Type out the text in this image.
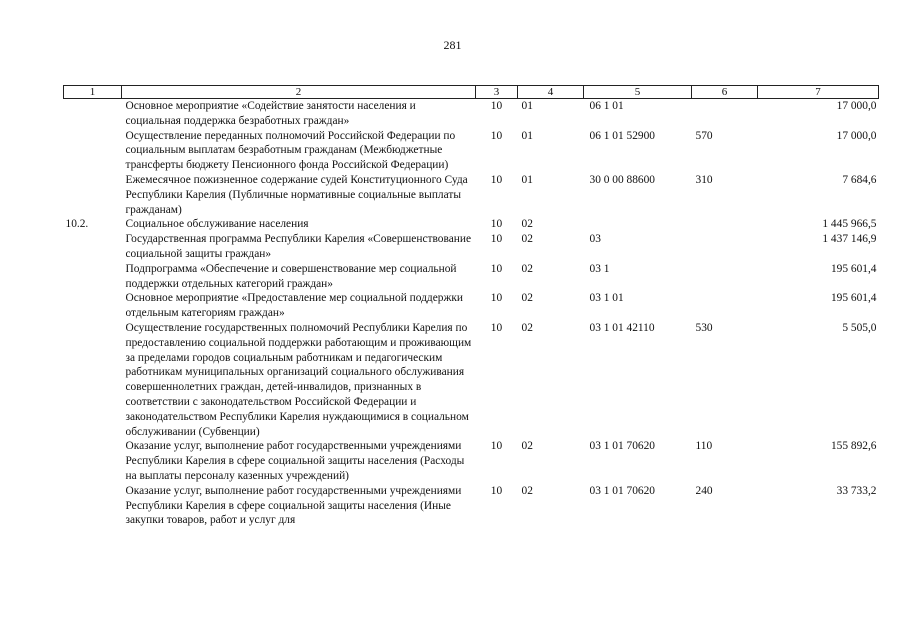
281
1	2	3	4	5	6	7
	Основное мероприятие «Содействие занятости населения и социальная поддержка безработных граждан»	10	01	06 1 01		17 000,0
	Осуществление переданных полномочий Российской Федерации по социальным выплатам безработным гражданам (Межбюджетные трансферты бюджету Пенсионного фонда Российской Федерации)	10	01	06 1 01 52900	570	17 000,0
	Ежемесячное пожизненное содержание судей Конституционного Суда Республики Карелия (Публичные нормативные социальные выплаты гражданам)	10	01	30 0 00 88600	310	7 684,6
10.2.	Социальное обслуживание населения	10	02			1 445 966,5
	Государственная программа Республики Карелия «Совершенствование социальной защиты граждан»	10	02	03		1 437 146,9
	Подпрограмма «Обеспечение и совершенствование мер социальной поддержки отдельных категорий граждан»	10	02	03 1		195 601,4
	Основное мероприятие «Предоставление мер социальной поддержки отдельным категориям граждан»	10	02	03 1 01		195 601,4
	Осуществление государственных полномочий Республики Карелия по предоставлению социальной поддержки работающим и проживающим за пределами городов социальным работникам и педагогическим работникам муниципальных организаций социального обслуживания совершеннолетних граждан, детей-инвалидов, признанных в соответствии с законодательством Российской Федерации и законодательством Республики Карелия нуждающимися в социальном обслуживании (Субвенции)	10	02	03 1 01 42110	530	5 505,0
	Оказание услуг, выполнение работ государственными учреждениями Республики Карелия в сфере социальной защиты населения (Расходы на выплаты персоналу казенных учреждений)	10	02	03 1 01 70620	110	155 892,6
	Оказание услуг, выполнение работ государственными учреждениями Республики Карелия в сфере социальной защиты населения (Иные закупки товаров, работ и услуг для	10	02	03 1 01 70620	240	33 733,2
